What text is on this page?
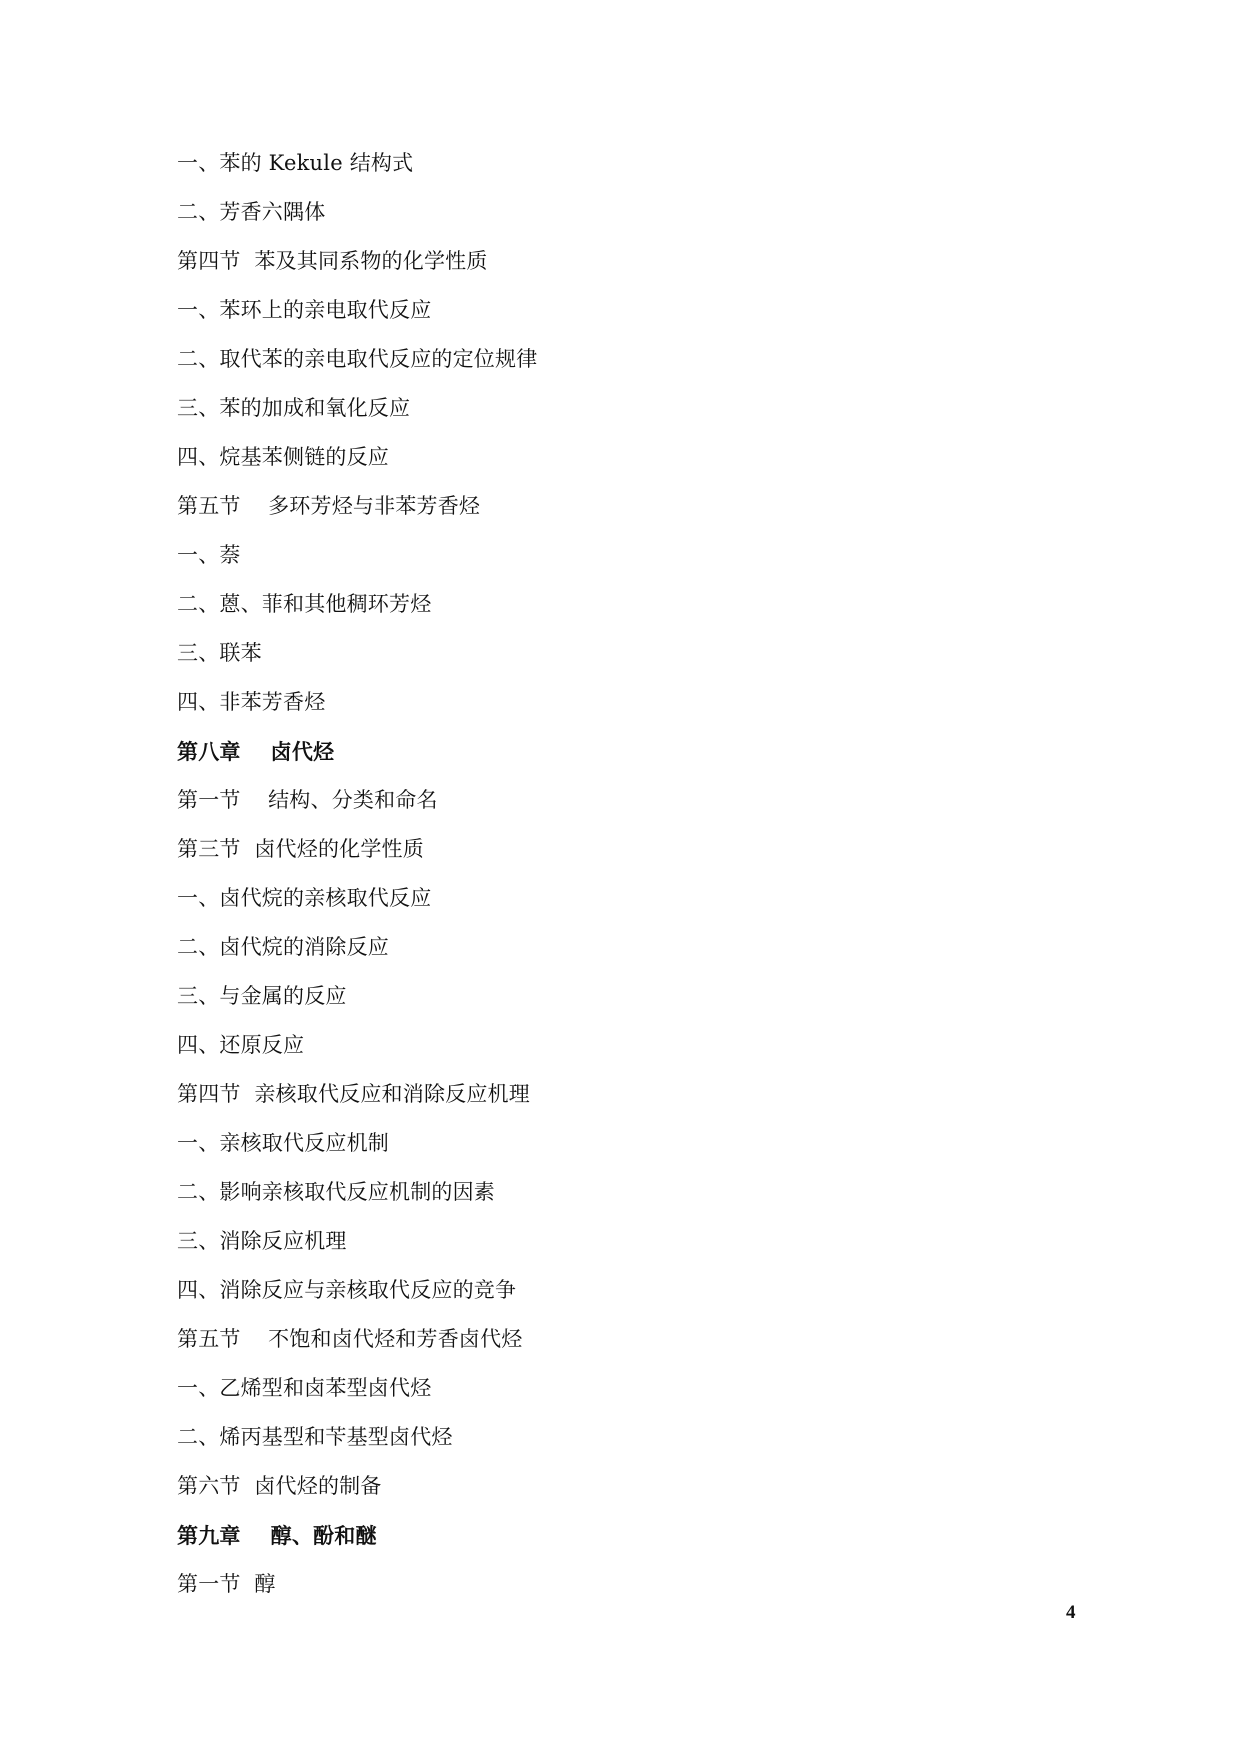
一、苯的 Kekule 结构式
二、芳香六隅体
第四节  苯及其同系物的化学性质
一、苯环上的亲电取代反应
二、取代苯的亲电取代反应的定位规律
三、苯的加成和氧化反应
四、烷基苯侧链的反应
第五节    多环芳烃与非苯芳香烃
一、萘
二、蒽、菲和其他稠环芳烃
三、联苯
四、非苯芳香烃
第八章    卤代烃
第一节    结构、分类和命名
第三节  卤代烃的化学性质
一、卤代烷的亲核取代反应
二、卤代烷的消除反应
三、与金属的反应
四、还原反应
第四节  亲核取代反应和消除反应机理
一、亲核取代反应机制
二、影响亲核取代反应机制的因素
三、消除反应机理
四、消除反应与亲核取代反应的竞争
第五节    不饱和卤代烃和芳香卤代烃
一、乙烯型和卤苯型卤代烃
二、烯丙基型和苄基型卤代烃
第六节  卤代烃的制备
第九章    醇、酚和醚
第一节  醇
4
